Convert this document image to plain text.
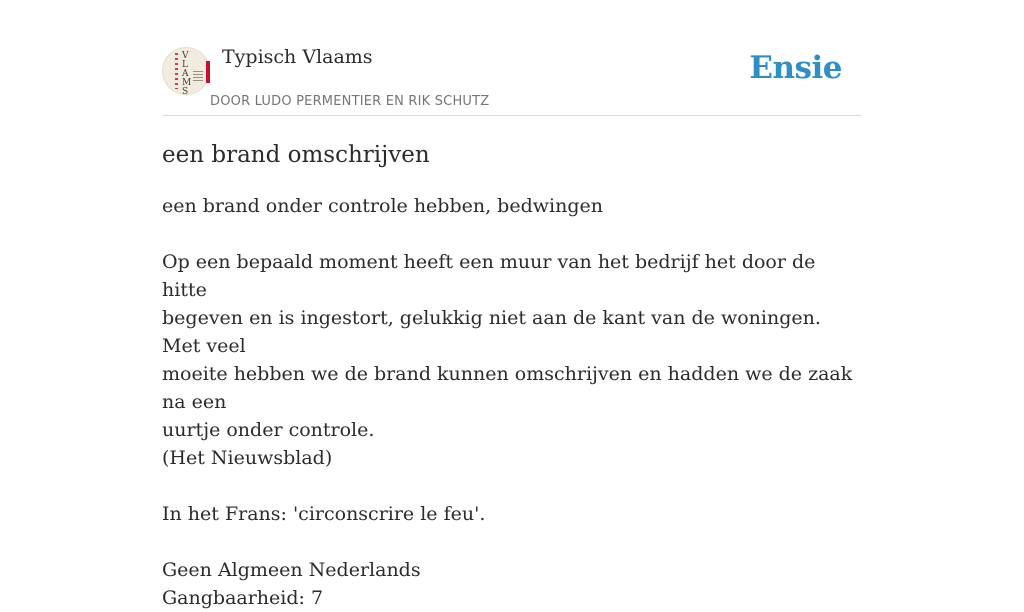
V
L
A
M
S
Typisch Vlaams
DOOR LUDO PERMENTIER EN RIK SCHUTZ
Ensie
een brand omschrijven

een brand onder controle hebben, bedwingen

Op een bepaald moment heeft een muur van het bedrijf het door de hitte

begeven en is ingestort, gelukkig niet aan de kant van de woningen. Met veel

moeite hebben we de brand kunnen omschrijven en hadden we de zaak na een

uurtje onder controle.

(Het Nieuwsblad)

In het Frans: 'circonscrire le feu'.

Geen Algmeen Nederlands

Gangbaarheid: 7
